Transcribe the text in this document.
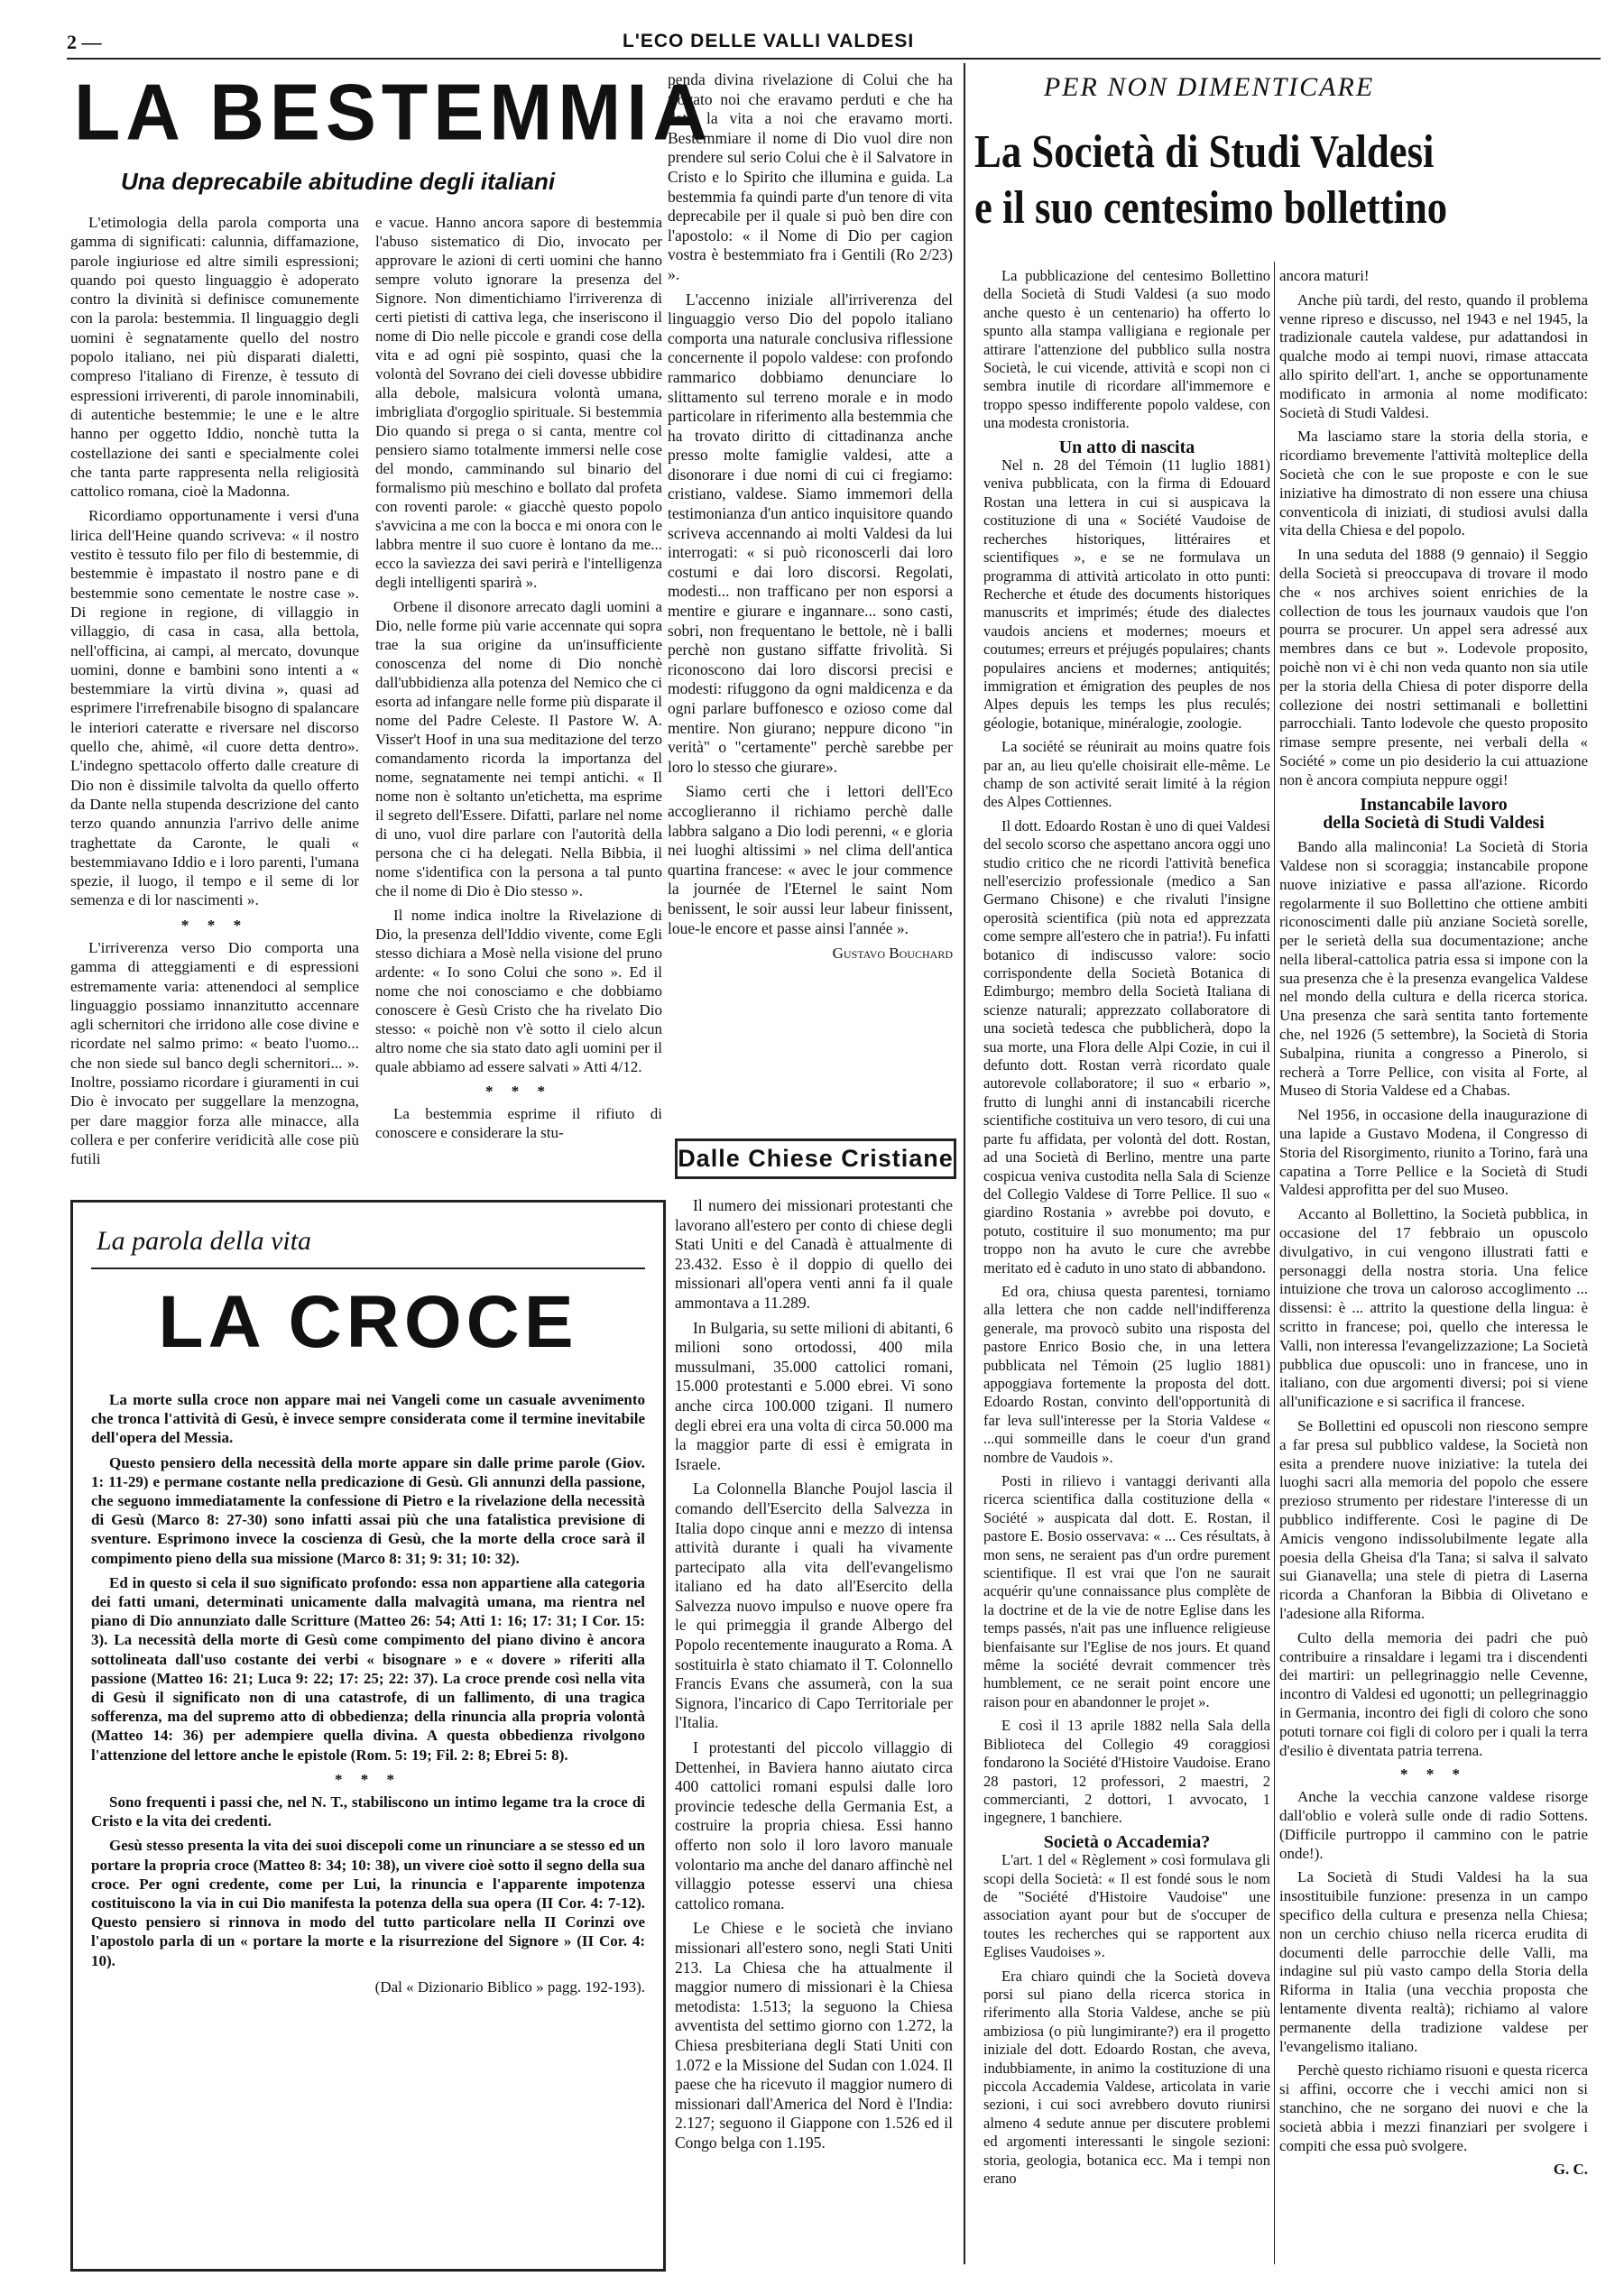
2 —	L'ECO DELLE VALLI VALDESI
LA BESTEMMIA
Una deprecabile abitudine degli italiani

L'etimologia della parola comporta una gamma di significati: calunnia, diffamazione, parole ingiuriose ed altre simili espressioni; quando poi questo linguaggio è adoperato contro la divinità si definisce comunemente con la parola: bestemmia. Il linguaggio degli uomini è segnatamente quello del nostro popolo italiano, nei più disparati dialetti, compreso l'italiano di Firenze, è tessuto di espressioni irriverenti, di parole innominabili, di autentiche bestemmie; le une e le altre hanno per oggetto Iddio, nonchè tutta la costellazione dei santi e specialmente colei che tanta parte rappresenta nella religiosità cattolico romana, cioè la Madonna.

Ricordiamo opportunamente i versi d'una lirica dell'Heine quando scriveva: « il nostro vestito è tessuto filo per filo di bestemmie, di bestemmie è impastato il nostro pane e di bestemmie sono cementate le nostre case ». Di regione in regione, di villaggio in villaggio, di casa in casa, alla bettola, nell'officina, ai campi, al mercato, dovunque uomini, donne e bambini sono intenti a « bestemmiare la virtù divina », quasi ad esprimere l'irrefrenabile bisogno di spalancare le interiori cateratte e riversare nel discorso quello che, ahimè, «il cuore detta dentro». L'indegno spettacolo offerto dalle creature di Dio non è dissimile talvolta da quello offerto da Dante nella stupenda descrizione del canto terzo quando annunzia l'arrivo delle anime traghettate da Caronte, le quali « bestemmiavano Iddio e i loro parenti, l'umana spezie, il luogo, il tempo e il seme di lor semenza e di lor nascimenti ».

* * *

L'irriverenza verso Dio comporta una gamma di atteggiamenti e di espressioni estremamente varia: attenendoci al semplice linguaggio possiamo innanzitutto accennare agli schernitori che irridono alle cose divine e ricordate nel salmo primo: « beato l'uomo... che non siede sul banco degli schernitori... ». Inoltre, possiamo ricordare i giuramenti in cui Dio è invocato per suggellare la menzogna, per dare maggior forza alle minacce, alla collera e per conferire veridicità alle cose più futili

e vacue. Hanno ancora sapore di bestemmia l'abuso sistematico di Dio, invocato per approvare le azioni di certi uomini che hanno sempre voluto ignorare la presenza del Signore. Non dimentichiamo l'irriverenza di certi pietisti di cattiva lega, che inseriscono il nome di Dio nelle piccole e grandi cose della vita e ad ogni piè sospinto, quasi che la volontà del Sovrano dei cieli dovesse ubbidire alla debole, malsicura volontà umana, imbrigliata d'orgoglio spirituale. Si bestemmia Dio quando si prega o si canta, mentre col pensiero siamo totalmente immersi nelle cose del mondo, camminando sul binario del formalismo più meschino e bollato dal profeta con roventi parole: « giacchè questo popolo s'avvicina a me con la bocca e mi onora con le labbra mentre il suo cuore è lontano da me... ecco la savìezza dei savi perirà e l'intelligenza degli intelligenti sparirà ».

Orbene il disonore arrecato dagli uomini a Dio, nelle forme più varie accennate qui sopra trae la sua origine da un'insufficiente conoscenza del nome di Dio nonchè dall'ubbidienza alla potenza del Nemico che ci esorta ad infangare nelle forme più disparate il nome del Padre Celeste. Il Pastore W. A. Visser't Hoof in una sua meditazione del terzo comandamento ricorda la importanza del nome, segnatamente nei tempi antichi. « Il nome non è soltanto un'etichetta, ma esprime il segreto dell'Essere. Difatti, parlare nel nome di uno, vuol dire parlare con l'autorità della persona che ci ha delegati. Nella Bibbia, il nome s'identifica con la persona a tal punto che il nome di Dio è Dio stesso ».

Il nome indica inoltre la Rivelazione di Dio, la presenza dell'Iddio vivente, come Egli stesso dichiara a Mosè nella visione del pruno ardente: « Io sono Colui che sono ». Ed il nome che noi conosciamo e che dobbiamo conoscere è Gesù Cristo che ha rivelato Dio stesso: « poichè non v'è sotto il cielo alcun altro nome che sia stato dato agli uomini per il quale abbiamo ad essere salvati » Atti 4/12.

* * *

La bestemmia esprime il rifiuto di conoscere e considerare la stu-

penda divina rivelazione di Colui che ha trovato noi che eravamo perduti e che ha dato la vita a noi che eravamo morti. Bestemmiare il nome di Dio vuol dire non prendere sul serio Colui che è il Salvatore in Cristo e lo Spirito che illumina e guida. La bestemmia fa quindi parte d'un tenore di vita deprecabile per il quale si può ben dire con l'apostolo: « il Nome di Dio per cagion vostra è bestemmiato fra i Gentili (Ro 2/23) ».

L'accenno iniziale all'irriverenza del linguaggio verso Dio del popolo italiano comporta una naturale conclusiva riflessione concernente il popolo valdese: con profondo rammarico dobbiamo denunciare lo slittamento sul terreno morale e in modo particolare in riferimento alla bestemmia che ha trovato diritto di cittadinanza anche presso molte famiglie valdesi, atte a disonorare i due nomi di cui ci fregiamo: cristiano, valdese. Siamo immemori della testimonianza d'un antico inquisitore quando scriveva accennando ai molti Valdesi da lui interrogati: « si può riconoscerli dai loro costumi e dai loro discorsi. Regolati, modesti... non trafficano per non esporsi a mentire e giurare e ingannare... sono casti, sobri, non frequentano le bettole, nè i balli perchè non gustano siffatte frivolità. Si riconoscono dai loro discorsi precisi e modesti: rifuggono da ogni maldicenza e da ogni parlare buffonesco e ozioso come dal mentire. Non giurano; neppure dicono "in verità" o "certamente" perchè sarebbe per loro lo stesso che giurare».

Siamo certi che i lettori dell'Eco accoglieranno il richiamo perchè dalle labbra salgano a Dio lodi perenni, « e gloria nei luoghi altissimi » nel clima dell'antica quartina francese: « avec le jour commence la journée de l'Eternel le saint Nom benissent, le soir aussi leur labeur finissent, loue-le encore et passe ainsi l'année ».

Gustavo Bouchard
La parola della vita
LA CROCE

La morte sulla croce non appare mai nei Vangeli come un casuale avvenimento che tronca l'attività di Gesù, è invece sempre considerata come il termine inevitabile dell'opera del Messia.

Questo pensiero della necessità della morte appare sin dalle prime parole (Giov. 1: 11-29) e permane costante nella predicazione di Gesù. Gli annunzi della passione, che seguono immediatamente la confessione di Pietro e la rivelazione della necessità di Gesù (Marco 8: 27-30) sono infatti assai più che una fatalistica previsione di sventure. Esprimono invece la coscienza di Gesù, che la morte della croce sarà il compimento pieno della sua missione (Marco 8: 31; 9: 31; 10: 32).

Ed in questo si cela il suo significato profondo: essa non appartiene alla categoria dei fatti umani, determinati unicamente dalla malvagità umana, ma rientra nel piano di Dio annunziato dalle Scritture (Matteo 26: 54; Atti 1: 16; 17: 31; I Cor. 15: 3). La necessità della morte di Gesù come compimento del piano divino è ancora sottolineata dall'uso costante dei verbi « bisognare » e « dovere » riferiti alla passione (Matteo 16: 21; Luca 9: 22; 17: 25; 22: 37). La croce prende così nella vita di Gesù il significato non di una catastrofe, di un fallimento, di una tragica sofferenza, ma del supremo atto di obbedienza; della rinuncia alla propria volontà (Matteo 14: 36) per adempiere quella divina. A questa obbedienza rivolgono l'attenzione del lettore anche le epistole (Rom. 5: 19; Fil. 2: 8; Ebrei 5: 8).

* * *

Sono frequenti i passi che, nel N. T., stabiliscono un intimo legame tra la croce di Cristo e la vita dei credenti.

Gesù stesso presenta la vita dei suoi discepoli come un rinunciare a se stesso ed un portare la propria croce (Matteo 8: 34; 10: 38), un vivere cioè sotto il segno della sua croce. Per ogni credente, come per Lui, la rinuncia e l'apparente impotenza costituiscono la via in cui Dio manifesta la potenza della sua opera (II Cor. 4: 7-12). Questo pensiero si rinnova in modo del tutto particolare nella II Corinzi ove l'apostolo parla di un « portare la morte e la risurrezione del Signore » (II Cor. 4: 10).

(Dal « Dizionario Biblico » pagg. 192-193).
Dalle Chiese Cristiane

Il numero dei missionari protestanti che lavorano all'estero per conto di chiese degli Stati Uniti e del Canadà è attualmente di 23.432. Esso è il doppio di quello dei missionari all'opera venti anni fa il quale ammontava a 11.289.

In Bulgaria, su sette milioni di abitanti, 6 milioni sono ortodossi, 400 mila mussulmani, 35.000 cattolici romani, 15.000 protestanti e 5.000 ebrei. Vi sono anche circa 100.000 tzigani. Il numero degli ebrei era una volta di circa 50.000 ma la maggior parte di essi è emigrata in Israele.

La Colonnella Blanche Poujol lascia il comando dell'Esercito della Salvezza in Italia dopo cinque anni e mezzo di intensa attività durante i quali ha vivamente partecipato alla vita dell'evangelismo italiano ed ha dato all'Esercito della Salvezza nuovo impulso e nuove opere fra le qui primeggia il grande Albergo del Popolo recentemente inaugurato a Roma. A sostituirla è stato chiamato il T. Colonnello Francis Evans che assumerà, con la sua Signora, l'incarico di Capo Territoriale per l'Italia.

I protestanti del piccolo villaggio di Dettenhei, in Baviera hanno aiutato circa 400 cattolici romani espulsi dalle loro provincie tedesche della Germania Est, a costruire la propria chiesa. Essi hanno offerto non solo il loro lavoro manuale volontario ma anche del danaro affinchè nel villaggio potesse esservi una chiesa cattolico romana.

Le Chiese e le società che inviano missionari all'estero sono, negli Stati Uniti 213. La Chiesa che ha attualmente il maggior numero di missionari è la Chiesa metodista: 1.513; la seguono la Chiesa avventista del settimo giorno con 1.272, la Chiesa presbiteriana degli Stati Uniti con 1.072 e la Missione del Sudan con 1.024. Il paese che ha ricevuto il maggior numero di missionari dall'America del Nord è l'India: 2.127; seguono il Giappone con 1.526 ed il Congo belga con 1.195.

PER NON DIMENTICARE
La Società di Studi Valdesi
e il suo centesimo bollettino

La pubblicazione del centesimo Bollettino della Società di Studi Valdesi (a suo modo anche questo è un centenario) ha offerto lo spunto alla stampa valligiana e regionale per attirare l'attenzione del pubblico sulla nostra Società, le cui vicende, attività e scopi non ci sembra inutile di ricordare all'immemore e troppo spesso indifferente popolo valdese, con una modesta cronistoria.

Un atto di nascita

Nel n. 28 del Témoin (11 luglio 1881) veniva pubblicata, con la firma di Edouard Rostan una lettera in cui si auspicava la costituzione di una « Société Vaudoise de recherches historiques, littéraires et scientifiques », e se ne formulava un programma di attività articolato in otto punti: Recherche et étude des documents historiques manuscrits et imprimés; étude des dialectes vaudois anciens et modernes; moeurs et coutumes; erreurs et préjugés populaires; chants populaires anciens et modernes; antiquités; immigration et émigration des peuples de nos Alpes depuis les temps les plus reculés; géologie, botanique, minéralogie, zoologie.

La société se réunirait au moins quatre fois par an, au lieu qu'elle choisirait elle-même. Le champ de son activité serait limité à la région des Alpes Cottiennes.

Il dott. Edoardo Rostan è uno di quei Valdesi del secolo scorso che aspettano ancora oggi uno studio critico che ne ricordi l'attività benefica nell'esercizio professionale (medico a San Germano Chisone) e che rivaluti l'insigne operosità scientifica (più nota ed apprezzata come sempre all'estero che in patria!). Fu infatti botanico di indiscusso valore: socio corrispondente della Società Botanica di Edimburgo; membro della Società Italiana di scienze naturali; apprezzato collaboratore di una società tedesca che pubblicherà, dopo la sua morte, una Flora delle Alpi Cozie, in cui il defunto dott. Rostan verrà ricordato quale autorevole collaboratore; il suo « erbario », frutto di lunghi anni di instancabili ricerche scientifiche costituiva un vero tesoro, di cui una parte fu affidata, per volontà del dott. Rostan, ad una Società di Berlino, mentre una parte cospicua veniva custodita nella Sala di Scienze del Collegio Valdese di Torre Pellice. Il suo « giardino Rostania » avrebbe poi dovuto, e potuto, costituire il suo monumento; ma pur troppo non ha avuto le cure che avrebbe meritato ed è caduto in uno stato di abbandono.

Ed ora, chiusa questa parentesi, torniamo alla lettera che non cadde nell'indifferenza generale, ma provocò subito una risposta del pastore Enrico Bosio che, in una lettera pubblicata nel Témoin (25 luglio 1881) appoggiava fortemente la proposta del dott. Edoardo Rostan, convinto dell'opportunità di far leva sull'interesse per la Storia Valdese « ...qui sommeille dans le coeur d'un grand nombre de Vaudois ».

Posti in rilievo i vantaggi derivanti alla ricerca scientifica dalla costituzione della « Société » auspicata dal dott. E. Rostan, il pastore E. Bosio osservava: « ... Ces résultats, à mon sens, ne seraient pas d'un ordre purement scientifique. Il est vrai que l'on ne saurait acquérir qu'une connaissance plus complète de la doctrine et de la vie de notre Eglise dans les temps passés, n'ait pas une influence religieuse bienfaisante sur l'Eglise de nos jours. Et quand même la société devrait commencer très humblement, ce ne serait point encore une raison pour en abandonner le projet ».

E così il 13 aprile 1882 nella Sala della Biblioteca del Collegio 49 coraggiosi fondarono la Société d'Histoire Vaudoise. Erano 28 pastori, 12 professori, 2 maestri, 2 commercianti, 2 dottori, 1 avvocato, 1 ingegnere, 1 banchiere.

Società o Accademia?

L'art. 1 del « Règlement » così formulava gli scopi della Società: « Il est fondé sous le nom de "Société d'Histoire Vaudoise" une association ayant pour but de s'occuper de toutes les recherches qui se rapportent aux Eglises Vaudoises ».

Era chiaro quindi che la Società doveva porsi sul piano della ricerca storica in riferimento alla Storia Valdese, anche se più ambiziosa (o più lungimirante?) era il progetto iniziale del dott. Edoardo Rostan, che aveva, indubbiamente, in animo la costituzione di una piccola Accademia Valdese, articolata in varie sezioni, i cui soci avrebbero dovuto riunirsi almeno 4 sedute annue per discutere problemi ed argomenti interessanti le singole sezioni: storia, geologia, botanica ecc. Ma i tempi non erano

ancora maturi!

Anche più tardi, del resto, quando il problema venne ripreso e discusso, nel 1943 e nel 1945, la tradizionale cautela valdese, pur adattandosi in qualche modo ai tempi nuovi, rimase attaccata allo spirito dell'art. 1, anche se opportunamente modificato in armonia al nome modificato: Società di Studi Valdesi.

Ma lasciamo stare la storia della storia, e ricordiamo brevemente l'attività molteplice della Società che con le sue proposte e con le sue iniziative ha dimostrato di non essere una chiusa conventicola di iniziati, di studiosi avulsi dalla vita della Chiesa e del popolo.

In una seduta del 1888 (9 gennaio) il Seggio della Società si preoccupava di trovare il modo che « nos archives soient enrichies de la collection de tous les journaux vaudois que l'on pourra se procurer. Un appel sera adressé aux membres dans ce but ». Lodevole proposito, poichè non vi è chi non veda quanto non sia utile per la storia della Chiesa di poter disporre della collezione dei nostri settimanali e bollettini parrocchiali. Tanto lodevole che questo proposito rimase sempre presente, nei verbali della « Société » come un pio desiderio la cui attuazione non è ancora compiuta neppure oggi!

Instancabile lavoro
della Società di Studi Valdesi

Bando alla malinconia! La Società di Storia Valdese non si scoraggia; instancabile propone nuove iniziative e passa all'azione. Ricordo regolarmente il suo Bollettino che ottiene ambiti riconoscimenti dalle più anziane Società sorelle, per le serietà della sua documentazione; anche nella liberal-cattolica patria essa si impone con la sua presenza che è la presenza evangelica Valdese nel mondo della cultura e della ricerca storica. Una presenza che sarà sentita tanto fortemente che, nel 1926 (5 settembre), la Società di Storia Subalpina, riunita a congresso a Pinerolo, si recherà a Torre Pellice, con visita al Forte, al Museo di Storia Valdese ed a Chabas.

Nel 1956, in occasione della inaugurazione di una lapide a Gustavo Modena, il Congresso di Storia del Risorgimento, riunito a Torino, farà una capatina a Torre Pellice e la Società di Studi Valdesi approfitta per del suo Museo.

Accanto al Bollettino, la Società pubblica, in occasione del 17 febbraio un opuscolo divulgativo, in cui vengono illustrati fatti e personaggi della nostra storia. Una felice intuizione che trova un caloroso accoglimento ... dissensi: è ... attrito la questione della lingua: è scritto in francese; poi, quello che interessa le Valli, non interessa l'evangelizzazione; La Società pubblica due opuscoli: uno in francese, uno in italiano, con due argomenti diversi; poi si viene all'unificazione e si sacrifica il francese.

Se Bollettini ed opuscoli non riescono sempre a far presa sul pubblico valdese, la Società non esita a prendere nuove iniziative: la tutela dei luoghi sacri alla memoria del popolo che essere prezioso strumento per ridestare l'interesse di un pubblico indifferente. Così le pagine di De Amicis vengono indissolubilmente legate alla poesia della Gheisa d'la Tana; si salva il salvato sui Gianavella; una stele di pietra di Laserna ricorda a Chanforan la Bibbia di Olivetano e l'adesione alla Riforma.

Culto della memoria dei padri che può contribuire a rinsaldare i legami tra i discendenti dei martiri: un pellegrinaggio nelle Cevenne, incontro di Valdesi ed ugonotti; un pellegrinaggio in Germania, incontro dei figli di coloro che sono potuti tornare coi figli di coloro per i quali la terra d'esilio è diventata patria terrena.

* * *

Anche la vecchia canzone valdese risorge dall'oblio e volerà sulle onde di radio Sottens. (Difficile purtroppo il cammino con le patrie onde!).

La Società di Studi Valdesi ha la sua insostituibile funzione: presenza in un campo specifico della cultura e presenza nella Chiesa; non un cerchio chiuso nella ricerca erudita di documenti delle parrocchie delle Valli, ma indagine sul più vasto campo della Storia della Riforma in Italia (una vecchia proposta che lentamente diventa realtà); richiamo al valore permanente della tradizione valdese per l'evangelismo italiano.

Perchè questo richiamo risuoni e questa ricerca si affini, occorre che i vecchi amici non si stanchino, che ne sorgano dei nuovi e che la società abbia i mezzi finanziari per svolgere i compiti che essa può svolgere.

G. C.
